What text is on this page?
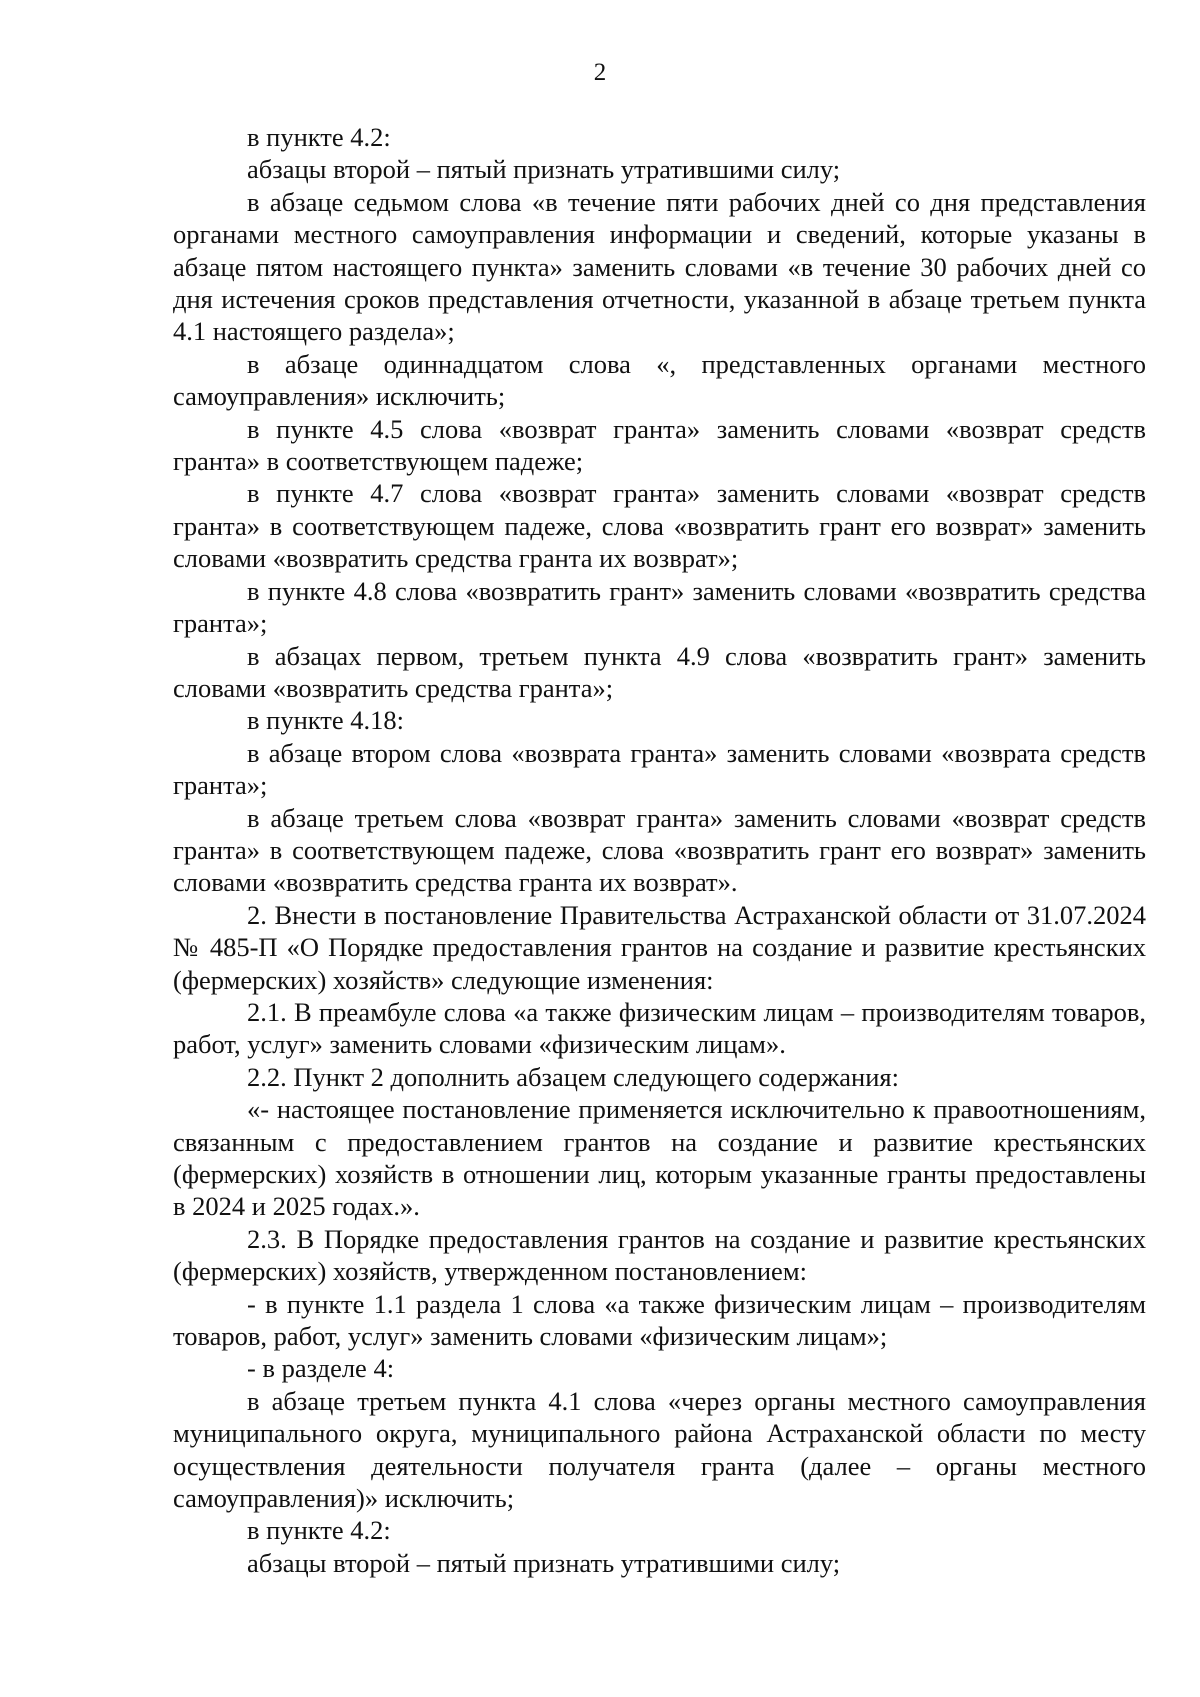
2

в пункте 4.2:

абзацы второй – пятый признать утратившими силу;

в абзаце седьмом слова «в течение пяти рабочих дней со дня представления органами местного самоуправления информации и сведений, которые указаны в абзаце пятом настоящего пункта» заменить словами «в течение 30 рабочих дней со дня истечения сроков представления отчетности, указанной в абзаце третьем пункта 4.1 настоящего раздела»;

в абзаце одиннадцатом слова «, представленных органами местного самоуправления» исключить;

в пункте 4.5 слова «возврат гранта» заменить словами «возврат средств гранта» в соответствующем падеже;

в пункте 4.7 слова «возврат гранта» заменить словами «возврат средств гранта» в соответствующем падеже, слова «возвратить грант его возврат» заменить словами «возвратить средства гранта их возврат»;

в пункте 4.8 слова «возвратить грант» заменить словами «возвратить средства гранта»;

в абзацах первом, третьем пункта 4.9 слова «возвратить грант» заменить словами «возвратить средства гранта»;

в пункте 4.18:

в абзаце втором слова «возврата гранта» заменить словами «возврата средств гранта»;

в абзаце третьем слова «возврат гранта» заменить словами «возврат средств гранта» в соответствующем падеже, слова «возвратить грант его возврат» заменить словами «возвратить средства гранта их возврат».

2. Внести в постановление Правительства Астраханской области от 31.07.2024 № 485-П «О Порядке предоставления грантов на создание и развитие крестьянских (фермерских) хозяйств» следующие изменения:

2.1. В преамбуле слова «а также физическим лицам – производителям товаров, работ, услуг» заменить словами «физическим лицам».

2.2. Пункт 2 дополнить абзацем следующего содержания:

«- настоящее постановление применяется исключительно к правоотношениям, связанным с предоставлением грантов на создание и развитие крестьянских (фермерских) хозяйств в отношении лиц, которым указанные гранты предоставлены в 2024 и 2025 годах.».

2.3. В Порядке предоставления грантов на создание и развитие крестьянских (фермерских) хозяйств, утвержденном постановлением:

- в пункте 1.1 раздела 1 слова «а также физическим лицам – производителям товаров, работ, услуг» заменить словами «физическим лицам»;

- в разделе 4:

в абзаце третьем пункта 4.1 слова «через органы местного самоуправления муниципального округа, муниципального района Астраханской области по месту осуществления деятельности получателя гранта (далее – органы местного самоуправления)» исключить;

в пункте 4.2:

абзацы второй – пятый признать утратившими силу;
